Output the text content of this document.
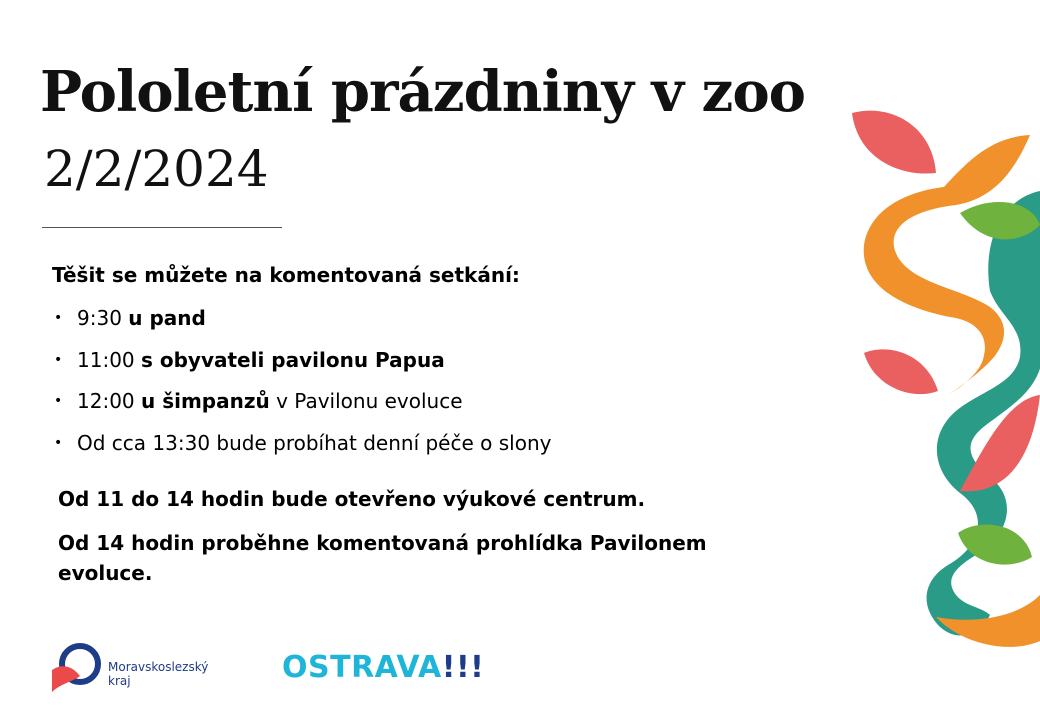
Pololetní prázdniny v zoo
2/2/2024

Těšit se můžete na komentovaná setkání:

• 9:30 u pand
• 11:00 s obyvateli pavilonu Papua
• 12:00 u šimpanzů v Pavilonu evoluce
• Od cca 13:30 bude probíhat denní péče o slony

Od 11 do 14 hodin bude otevřeno výukové centrum.

Od 14 hodin proběhne komentovaná prohlídka Pavilonem evoluce.

Moravskoslezský
kraj	OSTRAVA!!!
